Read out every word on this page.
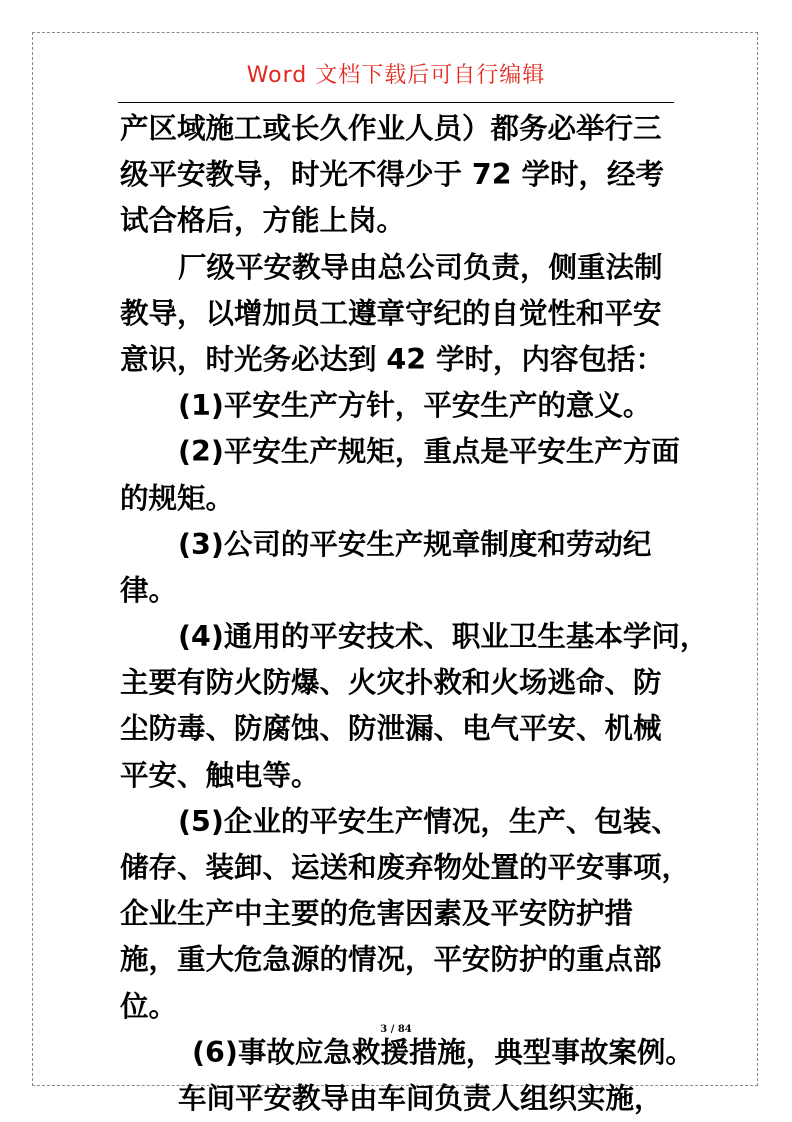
Word 文档下载后可自行编辑
产区域施工或长久作业人员）都务必举行三
级平安教导，时光不得少于 72 学时，经考
试合格后，方能上岗。
厂级平安教导由总公司负责，侧重法制
教导，以增加员工遵章守纪的自觉性和平安
意识，时光务必达到 42 学时，内容包括：
(1)平安生产方针，平安生产的意义。
(2)平安生产规矩，重点是平安生产方面
的规矩。
(3)公司的平安生产规章制度和劳动纪
律。
(4)通用的平安技术、职业卫生基本学问，
主要有防火防爆、火灾扑救和火场逃命、防
尘防毒、防腐蚀、防泄漏、电气平安、机械
平安、触电等。
(5)企业的平安生产情况，生产、包装、
储存、装卸、运送和废弃物处置的平安事项，
企业生产中主要的危害因素及平安防护措
施，重大危急源的情况，平安防护的重点部
位。
(6)事故应急救援措施，典型事故案例。
车间平安教导由车间负责人组织实施，
3 / 84
